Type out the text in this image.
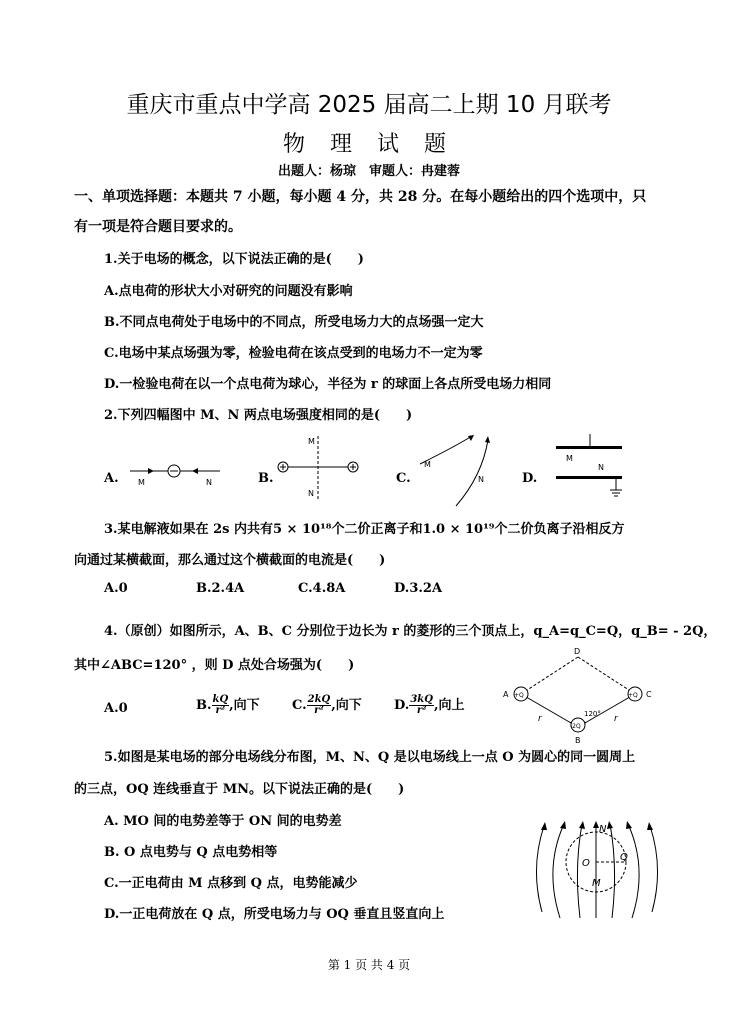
重庆市重点中学高 2025 届高二上期 10 月联考
物 理 试 题
出题人：杨琼　审题人：冉建蓉
一、单项选择题：本题共 7 小题，每小题 4 分，共 28 分。在每小题给出的四个选项中，只
有一项是符合题目要求的。
1.关于电场的概念，以下说法正确的是(　　)
A.点电荷的形状大小对研究的问题没有影响
B.不同点电荷处于电场中的不同点，所受电场力大的点场强一定大
C.电场中某点场强为零，检验电荷在该点受到的电场力不一定为零
D.一检验电荷在以一个点电荷为球心，半径为 r 的球面上各点所受电场力相同
2.下列四幅图中 M、N 两点电场强度相同的是(　　)
A.	B.	C.	D.
M	N
M
N
M
N
M
N
3.某电解液如果在 2s 内共有5 × 10¹⁸个二价正离子和1.0 × 10¹⁹个二价负离子沿相反方
向通过某横截面，那么通过这个横截面的电流是(　　)
A.0	B.2.4A	C.4.8A	D.3.2A
4.（原创）如图所示，A、B、C 分别位于边长为 r 的菱形的三个顶点上，q_A=q_C=Q，q_B= - 2Q，
其中∠ABC=120° ，则 D 点处合场强为(　　)
A.0	B. $\frac{kQ}{\text{r²}}$ ,向下 C. $\frac{2kQ}{\text{r²}}$ ,向下 D. $\frac{3kQ}{\text{r²}}$ ,向上
D
A	C
B
+Q	+Q
-2Q
120°
r	r
5.如图是某电场的部分电场线分布图，M、N、Q 是以电场线上一点 O 为圆心的同一圆周上
的三点，OQ 连线垂直于 MN。以下说法正确的是(　　)
A. MO 间的电势差等于 ON 间的电势差
B. O 点电势与 Q 点电势相等
C.一正电荷由 M 点移到 Q 点，电势能减少
D.一正电荷放在 Q 点，所受电场力与 OQ 垂直且竖直向上
N
O
Q
M
第 1 页 共 4 页
